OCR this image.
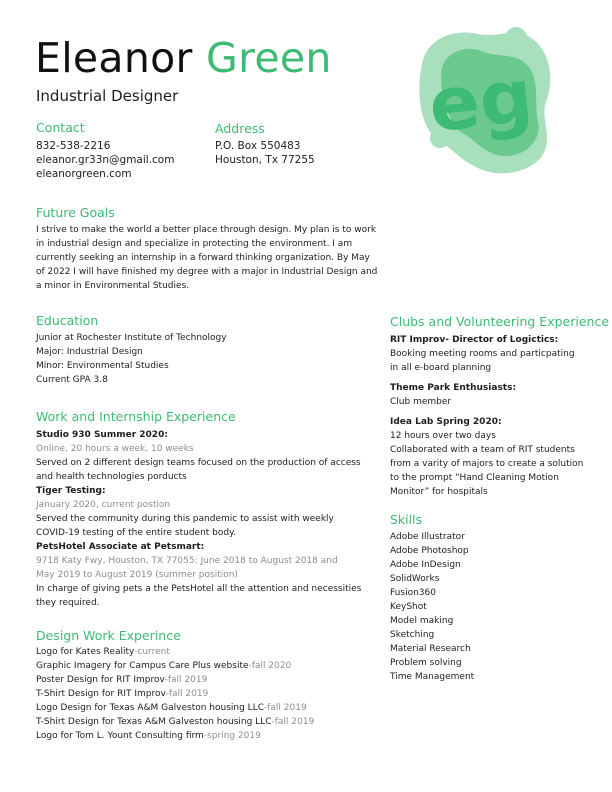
Eleanor Green
Industrial Designer	eg
Contact

832-538-2216

eleanor.gr33n@gmail.com

eleanorgreen.com

Address

P.O. Box 550483

Houston, Tx 77255

Future Goals

I strive to make the world a better place through design. My plan is to work

in industrial design and specialize in protecting the environment. I am

currently seeking an internship in a forward thinking organization. By May

of 2022 I will have finished my degree with a major in Industrial Design and

a minor in Environmental Studies.

Education

Junior at Rochester Institute of Technology

Major: Industrial Design

Minor: Environmental Studies

Current GPA 3.8

Work and Internship Experience

Studio 930 Summer 2020:

Online, 20 hours a week, 10 weeks

Served on 2 different design teams focused on the production of access

and health technologies porducts

Tiger Testing:

January 2020, current postion

Served the community during this pandemic to assist with weekly

COVID-19 testing of the entire student body.

PetsHotel Associate at Petsmart:

9718 Katy Fwy, Houston, TX 77055: June 2018 to August 2018 and

May 2019 to August 2019 (summer position)

In charge of giving pets a the PetsHotel all the attention and necessities

they required.

Design Work Experince

Logo for Kates Reality-current

Graphic Imagery for Campus Care Plus website-fall 2020

Poster Design for RIT Improv-fall 2019

T-Shirt Design for RIT Improv-fall 2019

Logo Design for Texas A&M Galveston housing LLC-fall 2019

T-Shirt Design for Texas A&M Galveston housing LLC-fall 2019

Logo for Tom L. Yount Consulting firm-spring 2019

Clubs and Volunteering Experience

RIT Improv- Director of Logictics:

Booking meeting rooms and particpating

in all e-board planning

Theme Park Enthusiasts:

Club member

Idea Lab Spring 2020:

12 hours over two days

Collaborated with a team of RIT students

from a varity of majors to create a solution

to the prompt “Hand Cleaning Motion

Monitor” for hospitals

Skills

Adobe Illustrator

Adobe Photoshop

Adobe InDesign

SolidWorks

Fusion360

KeyShot

Model making

Sketching

Material Research

Problem solving

Time Management
